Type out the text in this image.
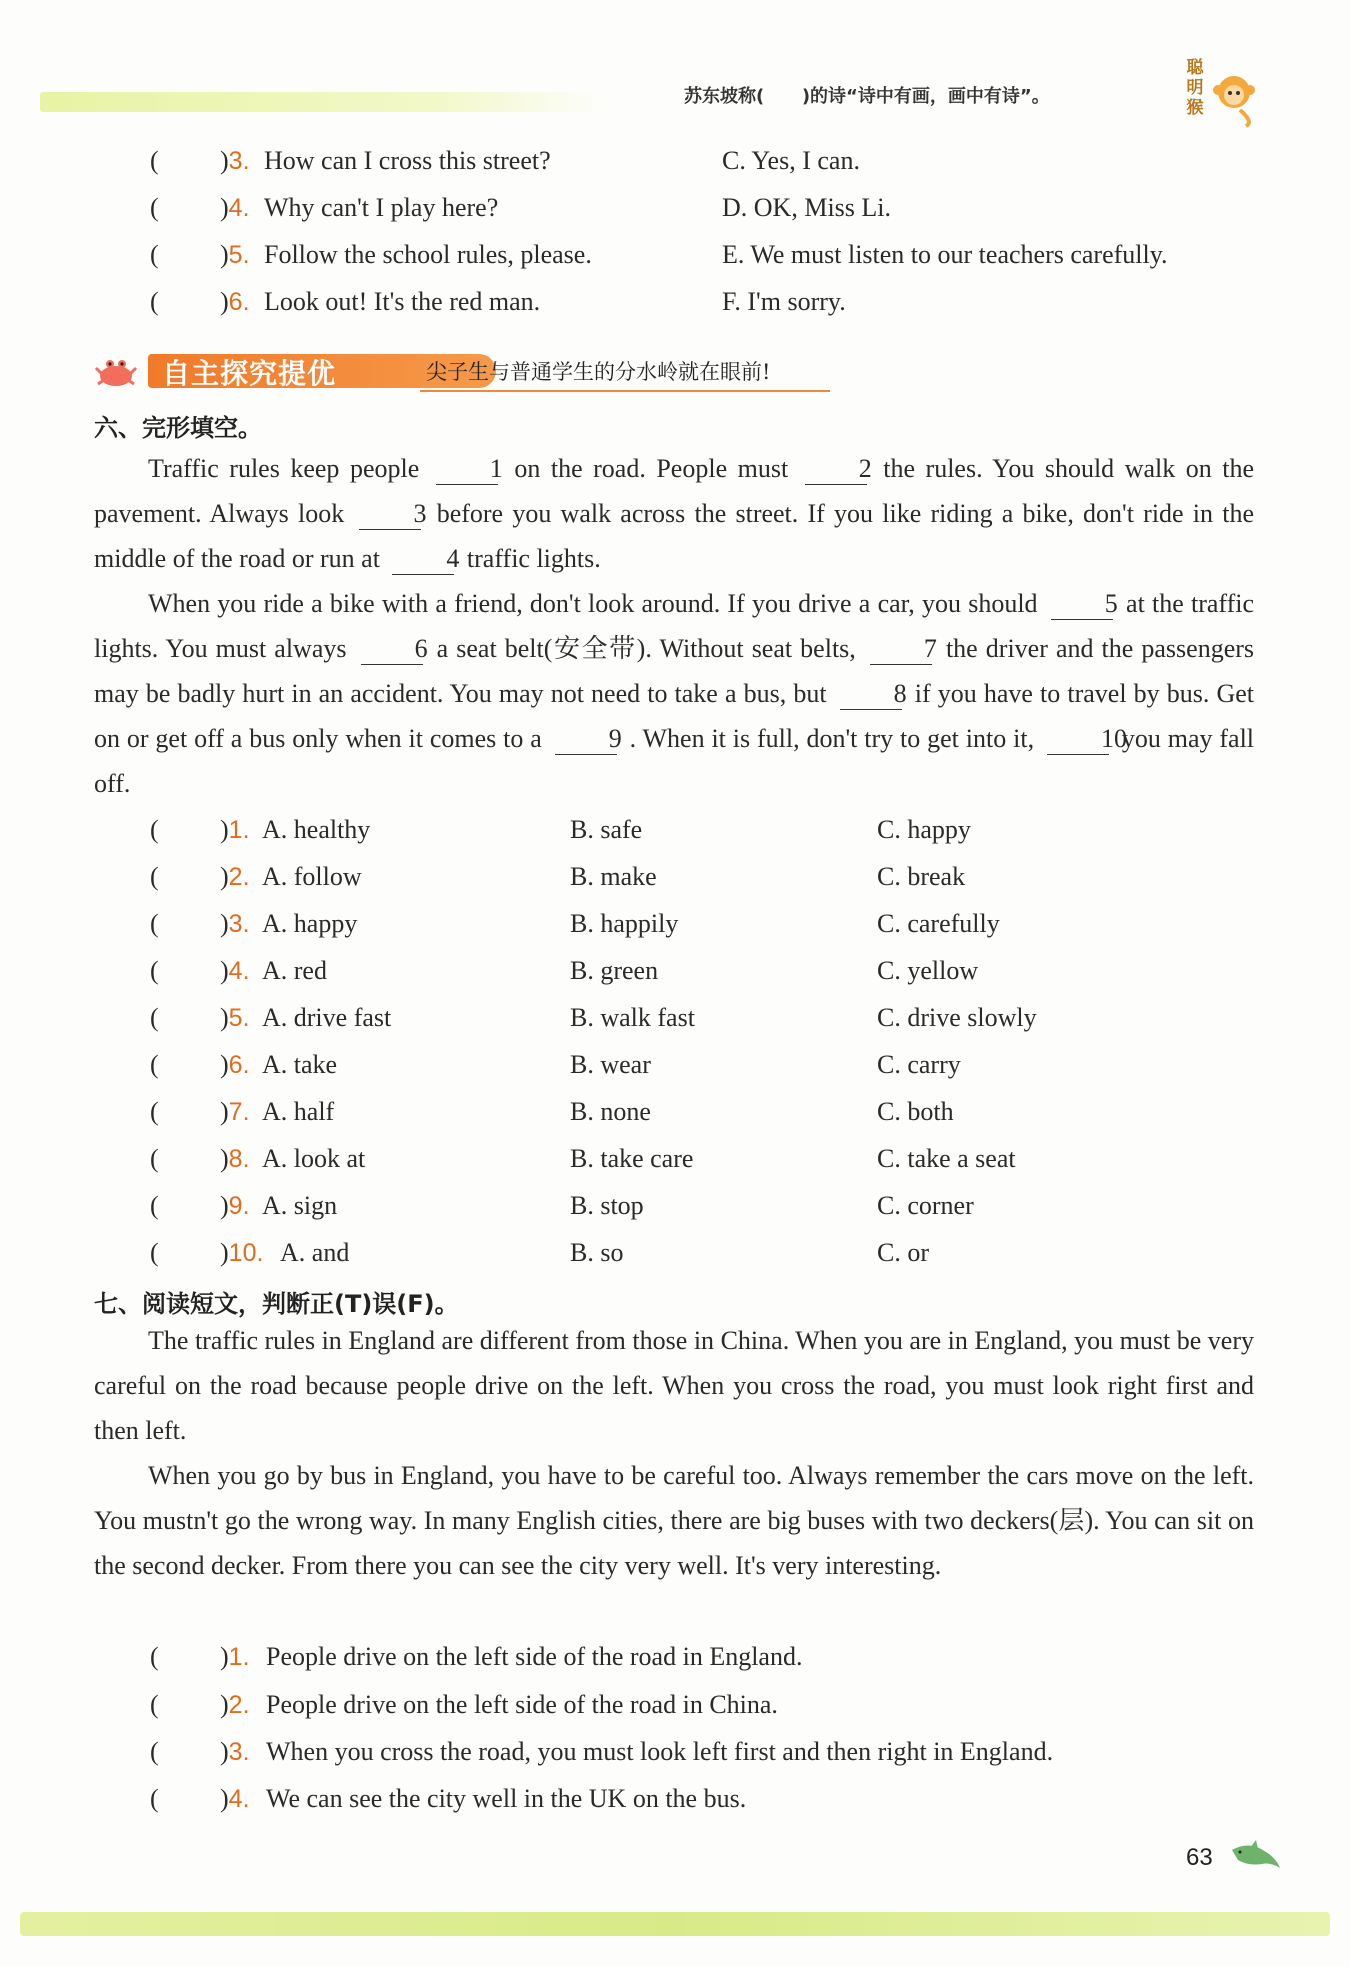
苏东坡称(      )的诗“诗中有画，画中有诗”。
聪明猴
( )3. How can I cross this street?	C. Yes, I can.
( )4. Why can't I play here?	D. OK, Miss Li.
( )5. Follow the school rules, please.	E. We must listen to our teachers carefully.
( )6. Look out! It's the red man.	F. I'm sorry.
自主探究提优	尖子生与普通学生的分水岭就在眼前!
六、完形填空。

Traffic rules keep people	1 on the road. People must	2 the rules. You should walk on the pavement. Always look	3 before you walk across the street. If you like riding a bike, don't ride in the middle of the road or run at	4 traffic lights.

When you ride a bike with a friend, don't look around. If you drive a car, you should	5 at the traffic lights. You must always	6 a seat belt(安全带). Without seat belts,	7 the driver and the passengers may be badly hurt in an accident. You may not need to take a bus, but	8 if you have to travel by bus. Get on or get off a bus only when it comes to a	9 . When it is full, don't try to get into it,	10 you may fall off.

( )1. A. healthy	B. safe	C. happy
( )2. A. follow	B. make	C. break
( )3. A. happy	B. happily	C. carefully
( )4. A. red	B. green	C. yellow
( )5. A. drive fast	B. walk fast	C. drive slowly
( )6. A. take	B. wear	C. carry
( )7. A. half	B. none	C. both
( )8. A. look at	B. take care	C. take a seat
( )9. A. sign	B. stop	C. corner
( )10. A. and	B. so	C. or
七、阅读短文，判断正(T)误(F)。

The traffic rules in England are different from those in China. When you are in England, you must be very careful on the road because people drive on the left. When you cross the road, you must look right first and then left.

When you go by bus in England, you have to be careful too. Always remember the cars move on the left. You mustn't go the wrong way. In many English cities, there are big buses with two deckers(层). You can sit on the second decker. From there you can see the city very well. It's very interesting.

( )1. People drive on the left side of the road in England.
( )2. People drive on the left side of the road in China.
( )3. When you cross the road, you must look left first and then right in England.
( )4. We can see the city well in the UK on the bus.
63
